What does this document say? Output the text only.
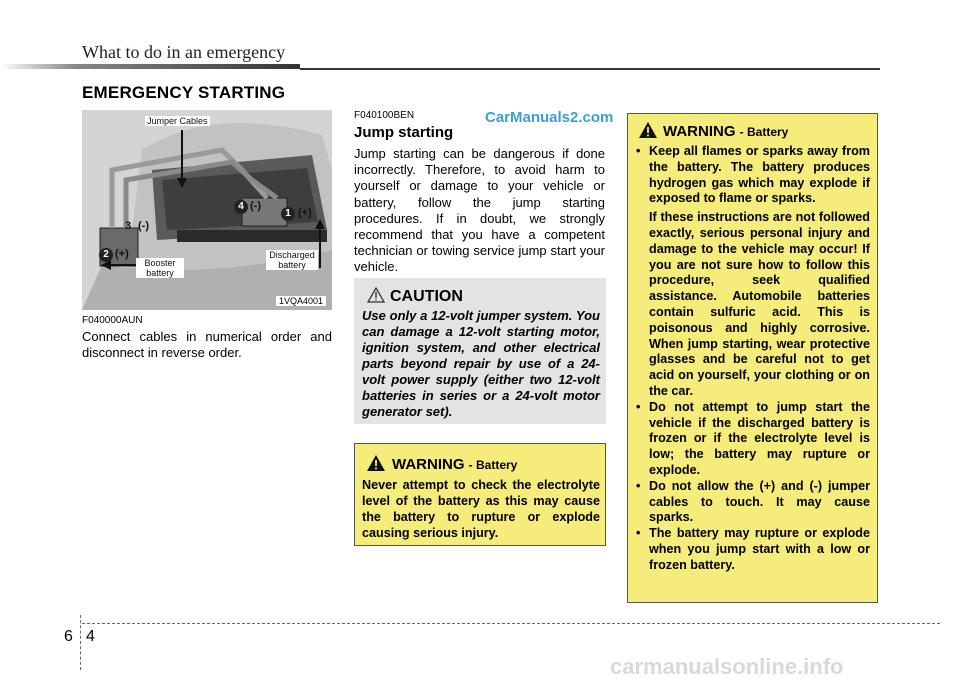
What to do in an emergency
EMERGENCY STARTING
Jumper Cables
4 (-)
1 (+)
3 (-)
2 (+)
Booster
battery
Discharged
battery
1VQA4001
F040000AUN
Connect cables in numerical order and disconnect in reverse order.
CarManuals2.com
F040100BEN
Jump starting
Jump starting can be dangerous if done incorrectly. Therefore, to avoid harm to yourself or damage to your vehicle or battery, follow the jump starting procedures. If in doubt, we strongly recommend that you have a competent technician or towing service jump start your vehicle.
CAUTION
Use only a 12-volt jumper system. You can damage a 12-volt starting motor, ignition system, and other electrical parts beyond repair by use of a 24-volt power supply (either two 12-volt batteries in series or a 24-volt motor generator set).
WARNING - Battery
Never attempt to check the electrolyte level of the battery as this may cause the battery to rupture or explode causing serious injury.
WARNING - Battery
• Keep all flames or sparks away from the battery. The battery produces hydrogen gas which may explode if exposed to flame or sparks.
If these instructions are not followed exactly, serious personal injury and damage to the vehicle may occur! If you are not sure how to follow this procedure, seek qualified assistance. Automobile batteries contain sulfuric acid. This is poisonous and highly corrosive. When jump starting, wear protective glasses and be careful not to get acid on yourself, your clothing or on the car.
• Do not attempt to jump start the vehicle if the discharged battery is frozen or if the electrolyte level is low; the battery may rupture or explode.
• Do not allow the (+) and (-) jumper cables to touch. It may cause sparks.
• The battery may rupture or explode when you jump start with a low or frozen battery.
6 4
carmanualsonline.info
